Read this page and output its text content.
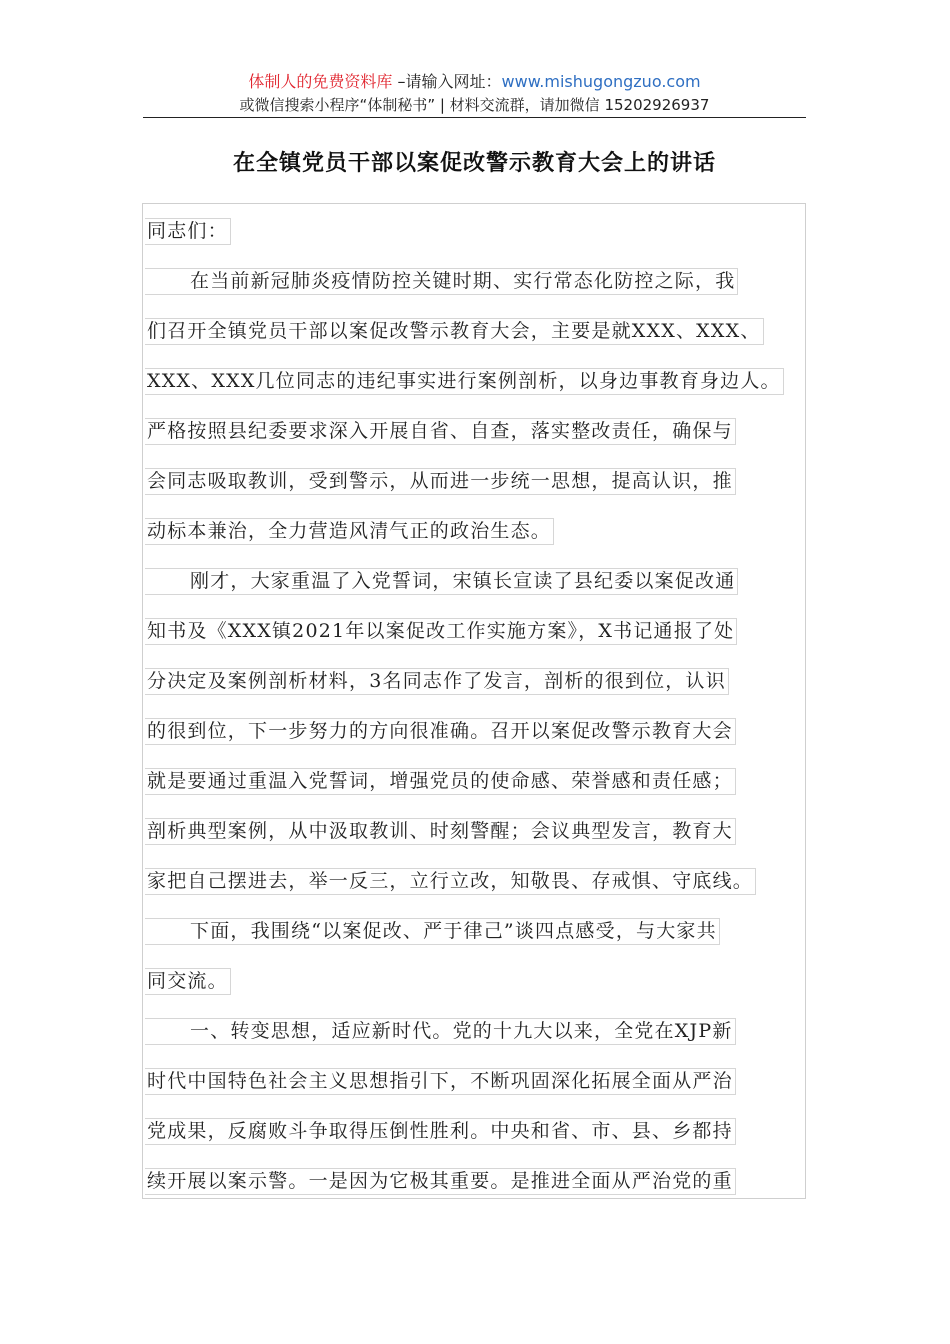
体制人的免费资料库 –请输入网址：www.mishugongzuo.com
或微信搜索小程序“体制秘书” | 材料交流群，请加微信 15202926937
在全镇党员干部以案促改警示教育大会上的讲话
同志们：
在当前新冠肺炎疫情防控关键时期、实行常态化防控之际，我
们召开全镇党员干部以案促改警示教育大会，主要是就XXX、XXX、
XXX、XXX几位同志的违纪事实进行案例剖析，以身边事教育身边人。
严格按照县纪委要求深入开展自省、自查，落实整改责任，确保与
会同志吸取教训，受到警示，从而进一步统一思想，提高认识，推
动标本兼治，全力营造风清气正的政治生态。
刚才，大家重温了入党誓词，宋镇长宣读了县纪委以案促改通
知书及《XXX镇2021年以案促改工作实施方案》，X书记通报了处
分决定及案例剖析材料，3名同志作了发言，剖析的很到位，认识
的很到位，下一步努力的方向很准确。召开以案促改警示教育大会
就是要通过重温入党誓词，增强党员的使命感、荣誉感和责任感；
剖析典型案例，从中汲取教训、时刻警醒；会议典型发言，教育大
家把自己摆进去，举一反三，立行立改，知敬畏、存戒惧、守底线。
下面，我围绕“以案促改、严于律己”谈四点感受，与大家共
同交流。
一、转变思想，适应新时代。党的十九大以来，全党在XJP新
时代中国特色社会主义思想指引下，不断巩固深化拓展全面从严治
党成果，反腐败斗争取得压倒性胜利。中央和省、市、县、乡都持
续开展以案示警。一是因为它极其重要。是推进全面从严治党的重
